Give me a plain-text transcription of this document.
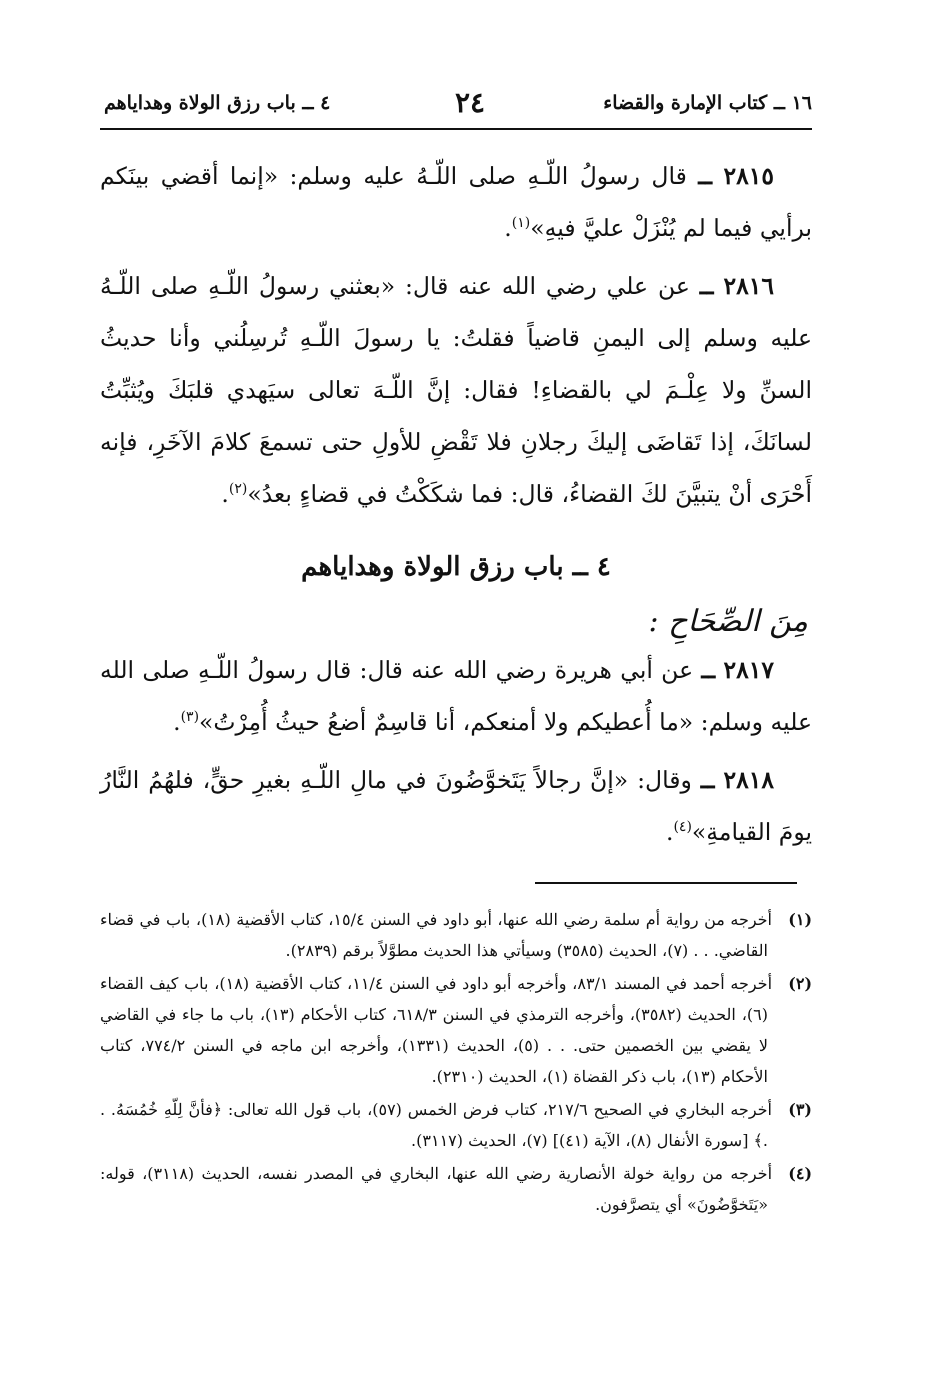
١٦ ــ كتاب الإمارة والقضاء
٢٤
٤ ــ باب رزق الولاة وهداياهم

٢٨١٥ ــ قال رسولُ اللّـهِ صلى اللّـهُ عليه وسلم: «إنما أقضي بينَكم برأيي فيما لم يُنْزَلْ عليَّ فيهِ»$^{(١)}$.

٢٨١٦ ــ عن علي رضي الله عنه قال: «بعثني رسولُ اللّـهِ صلى اللّـهُ عليه وسلم إلى اليمنِ قاضياً فقلتُ: يا رسولَ اللّـهِ تُرسِلُني وأنا حديثُ السنِّ ولا عِلْـمَ لي بالقضاءِ! فقال: إنَّ اللّـهَ تعالى سيَهدي قلبَكَ ويُثبِّتُ لسانَكَ، إذا تَقاضَى إليكَ رجلانِ فلا تَقْضِ للأولِ حتى تسمعَ كلامَ الآخَرِ، فإنه أَحْرَى أنْ يتبيَّنَ لكَ القضاءُ، قال: فما شكَكْتُ في قضاءٍ بعدُ»$^{(٢)}$.

٤ ــ باب رزق الولاة وهداياهم
مِنَ الصِّحَاحِ :

٢٨١٧ ــ عن أبي هريرة رضي الله عنه قال: قال رسولُ اللّـهِ صلى الله عليه وسلم: «ما أُعطيكم ولا أمنعكم، أنا قاسِمٌ أضعُ حيثُ أُمِرْتُ»$^{(٣)}$.

٢٨١٨ ــ وقال: «إنَّ رجالاً يَتَخوَّضُونَ في مالِ اللّـهِ بغيرِ حقٍّ، فلهُمُ النَّارُ يومَ القيامةِ»$^{(٤)}$.

(١)أخرجه من رواية أم سلمة رضي الله عنها، أبو داود في السنن ١٥/٤، كتاب الأقضية (١٨)، باب في قضاء القاضي. . . (٧)، الحديث (٣٥٨٥) وسيأتي هذا الحديث مطوَّلاً برقم (٢٨٣٩).

(٢)أخرجه أحمد في المسند ٨٣/١، وأخرجه أبو داود في السنن ١١/٤، كتاب الأقضية (١٨)، باب كيف القضاء (٦)، الحديث (٣٥٨٢)، وأخرجه الترمذي في السنن ٦١٨/٣، كتاب الأحكام (١٣)، باب ما جاء في القاضي لا يقضي بين الخصمين حتى. . . (٥)، الحديث (١٣٣١)، وأخرجه ابن ماجه في السنن ٧٧٤/٢، كتاب الأحكام (١٣)، باب ذكر القضاة (١)، الحديث (٢٣١٠).

(٣)أخرجه البخاري في الصحيح ٢١٧/٦، كتاب فرض الخمس (٥٧)، باب قول الله تعالى: ﴿فأنَّ لِلّهِ خُمُسَهُ. . .﴾ [سورة الأنفال (٨)، الآية (٤١)] (٧)، الحديث (٣١١٧).

(٤)أخرجه من رواية خولة الأنصارية رضي الله عنها، البخاري في المصدر نفسه، الحديث (٣١١٨)، قوله: «يَتَخوَّضُونَ» أي يتصرَّفون.
